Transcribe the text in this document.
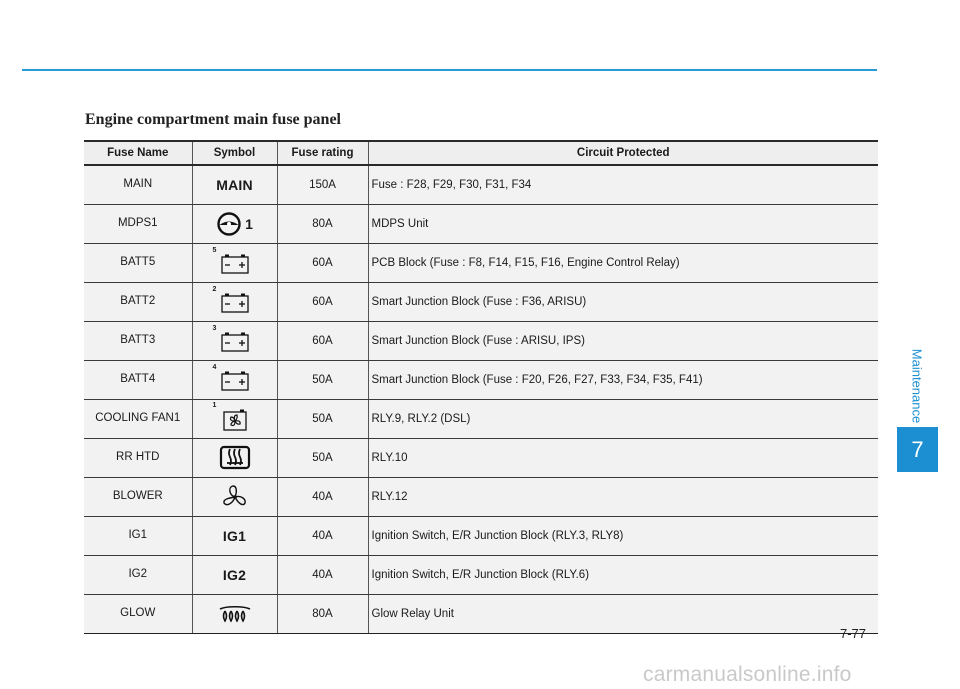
Engine compartment main fuse panel
Fuse Name	Symbol	Fuse rating	Circuit Protected
MAIN	MAIN	150A	Fuse : F28, F29, F30, F31, F34
MDPS1	1	80A	MDPS Unit
BATT5	5	60A	PCB Block (Fuse : F8, F14, F15, F16, Engine Control Relay)
BATT2	2	60A	Smart Junction Block (Fuse : F36, ARISU)
BATT3	3	60A	Smart Junction Block (Fuse : ARISU, IPS)
BATT4	4	50A	Smart Junction Block (Fuse : F20, F26, F27, F33, F34, F35, F41)
COOLING FAN1	1	50A	RLY.9, RLY.2 (DSL)
RR HTD		50A	RLY.10
BLOWER		40A	RLY.12
IG1	IG1	40A	Ignition Switch, E/R Junction Block (RLY.3, RLY8)
IG2	IG2	40A	Ignition Switch, E/R Junction Block (RLY.6)
GLOW		80A	Glow Relay Unit
Maintenance
7
7-77
carmanualsonline.info
